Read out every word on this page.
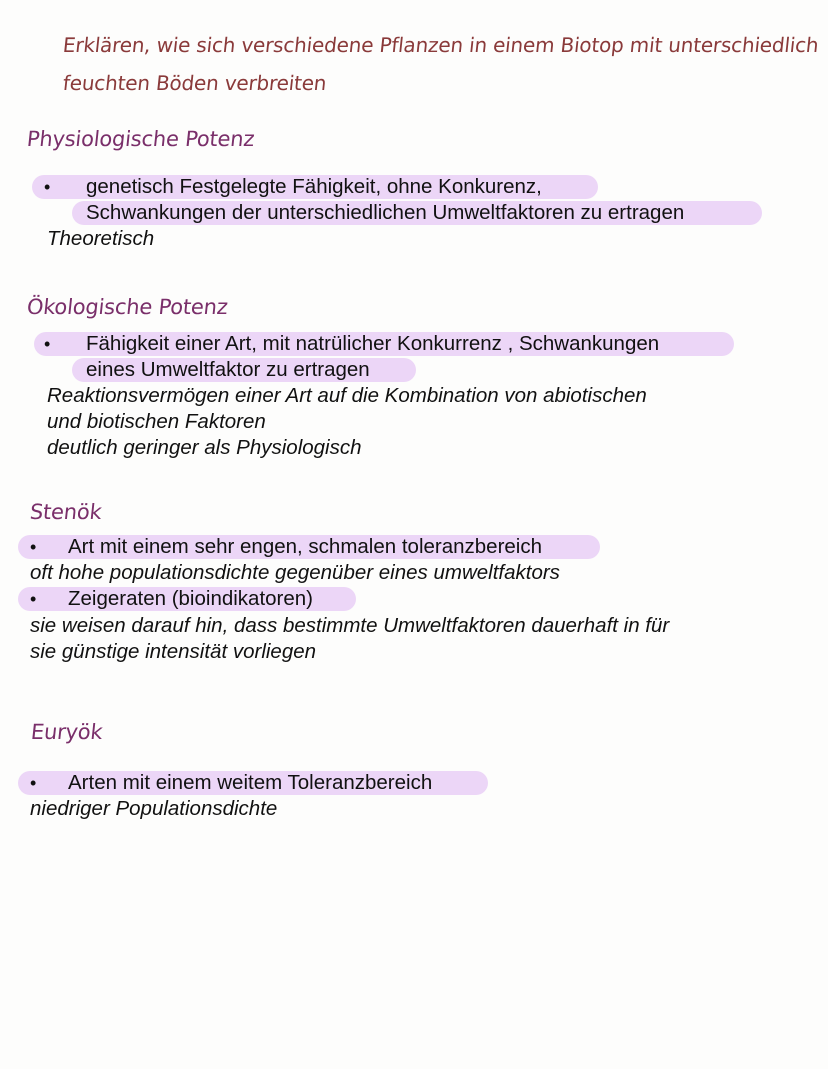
Erklären, wie sich verschiedene Pflanzen in einem Biotop mit unterschiedlich
feuchten Böden verbreiten
Physiologische Potenz
• genetisch Festgelegte Fähigkeit, ohne Konkurenz,
Schwankungen der unterschiedlichen Umweltfaktoren zu ertragen
Theoretisch
Ökologische Potenz
• Fähigkeit einer Art, mit natrülicher Konkurrenz , Schwankungen
eines Umweltfaktor zu ertragen
Reaktionsvermögen einer Art auf die Kombination von abiotischen
und biotischen Faktoren
deutlich geringer als Physiologisch
Stenök
• Art mit einem sehr engen, schmalen toleranzbereich
oft hohe populationsdichte gegenüber eines umweltfaktors
• Zeigeraten (bioindikatoren)
sie weisen darauf hin, dass bestimmte Umweltfaktoren dauerhaft in für
sie günstige intensität vorliegen
Euryök
• Arten mit einem weitem Toleranzbereich
niedriger Populationsdichte
